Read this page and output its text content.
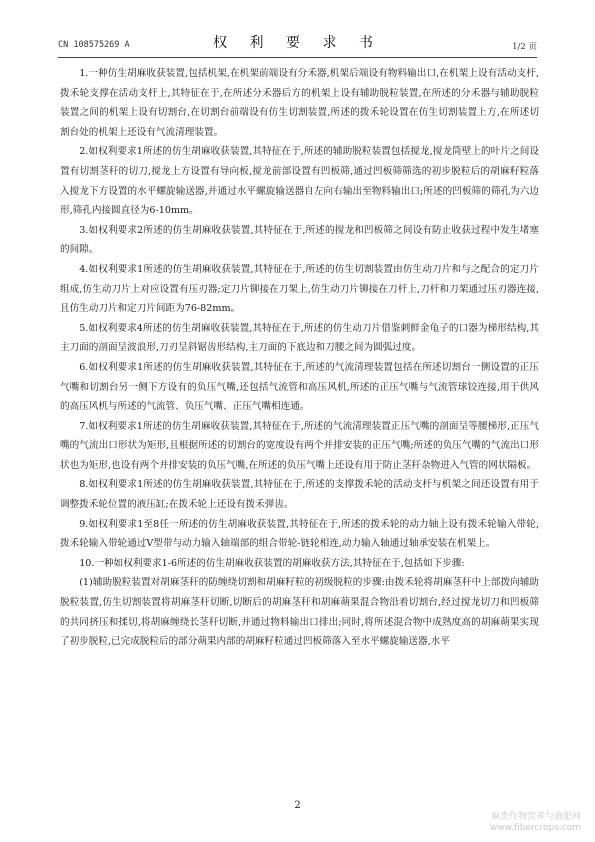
CN 108575269 A	权 利 要 求 书	1/2 页

1.一种仿生胡麻收获装置,包括机架,在机架前端设有分禾器,机架后端设有物料输出口,在机架上设有活动支杆,拨禾轮支撑在活动支杆上,其特征在于,在所述分禾器后方的机架上设有辅助脱粒装置,在所述的分禾器与辅助脱粒装置之间的机架上设有切割台,在切割台前端设有仿生切割装置,所述的拨禾轮设置在仿生切割装置上方,在所述切割台处的机架上还设有气流清理装置。

2.如权利要求1所述的仿生胡麻收获装置,其特征在于,所述的辅助脱粒装置包括搅龙,搅龙筒壁上的叶片之间设置有切割茎秆的切刀,搅龙上方设置有导向板,搅龙前部设置有凹板筛,通过凹板筛筛选的初步脱粒后的胡麻籽粒落入搅龙下方设置的水平螺旋输送器,并通过水平螺旋输送器自左向右输出至物料输出口;所述的凹板筛的筛孔为六边形,筛孔内接圆直径为6-10mm。

3.如权利要求2所述的仿生胡麻收获装置,其特征在于,所述的搅龙和凹板筛之间设有防止收获过程中发生堵塞的间隙。

4.如权利要求1所述的仿生胡麻收获装置,其特征在于,所述的仿生切割装置由仿生动刀片和与之配合的定刀片组成,仿生动刀片上对应设置有压刃器;定刀片铆接在刀架上,仿生动刀片铆接在刀杆上,刀杆和刀架通过压刃器连接,且仿生动刀片和定刀片间距为76-82mm。

5.如权利要求4所述的仿生胡麻收获装置,其特征在于,所述的仿生动刀片借鉴刺鲜金龟子的口器为梯形结构,其主刀面的剖面呈波浪形,刀刃呈斜锯齿形结构,主刀面的下底边和刀腰之间为圆弧过度。

6.如权利要求1所述的仿生胡麻收获装置,其特征在于,所述的气流清理装置包括在所述切割台一侧设置的正压气嘴和切割台另一侧下方设有的负压气嘴,还包括气流管和高压风机,所述的正压气嘴与气流管球铰连接,用于供风的高压风机与所述的气流管、负压气嘴、正压气嘴相连通。

7.如权利要求1所述的仿生胡麻收获装置,其特征在于,所述的气流清理装置正压气嘴的剖面呈等腰梯形,正压气嘴的气流出口形状为矩形,且根据所述的切割台的宽度设有两个并排安装的正压气嘴;所述的负压气嘴的气流出口形状也为矩形,也设有两个并排安装的负压气嘴,在所述的负压气嘴上还设有用于防止茎秆杂物进入气管的网状隔板。

8.如权利要求1所述的仿生胡麻收获装置,其特征在于,所述的支撑拨禾轮的活动支杆与机架之间还设置有用于调整拨禾轮位置的液压缸;在拨禾轮上还设有拨禾弹齿。

9.如权利要求1至8任一所述的仿生胡麻收获装置,其特征在于,所述的拨禾轮的动力轴上设有拨禾轮输入带轮,拨禾轮输入带轮通过V型带与动力输入轴端部的组合带轮-链轮相连,动力输入轴通过轴承安装在机架上。

10.一种如权利要求1-6所述的仿生胡麻收获装置的胡麻收获方法,其特征在于,包括如下步骤:

(1)辅助脱粒装置对胡麻茎秆的防缠绕切割和胡麻籽粒的初级脱粒的步骤:由拨禾轮将胡麻茎秆中上部拨向辅助脱粒装置,仿生切割装置将胡麻茎秆切断,切断后的胡麻茎秆和胡麻蒴果混合物沿着切割台,经过搅龙切刀和凹板筛的共同挤压和揉切,将胡麻缠绕长茎秆切断,并通过物料输出口排出;同时,将所述混合物中成熟度高的胡麻蒴果实现了初步脱粒,已完成脱粒后的部分蒴果内部的胡麻籽粒通过凹板筛落入至水平螺旋输送器,水平

2
麻类作物营养与施肥网
www.fibercrops.com
